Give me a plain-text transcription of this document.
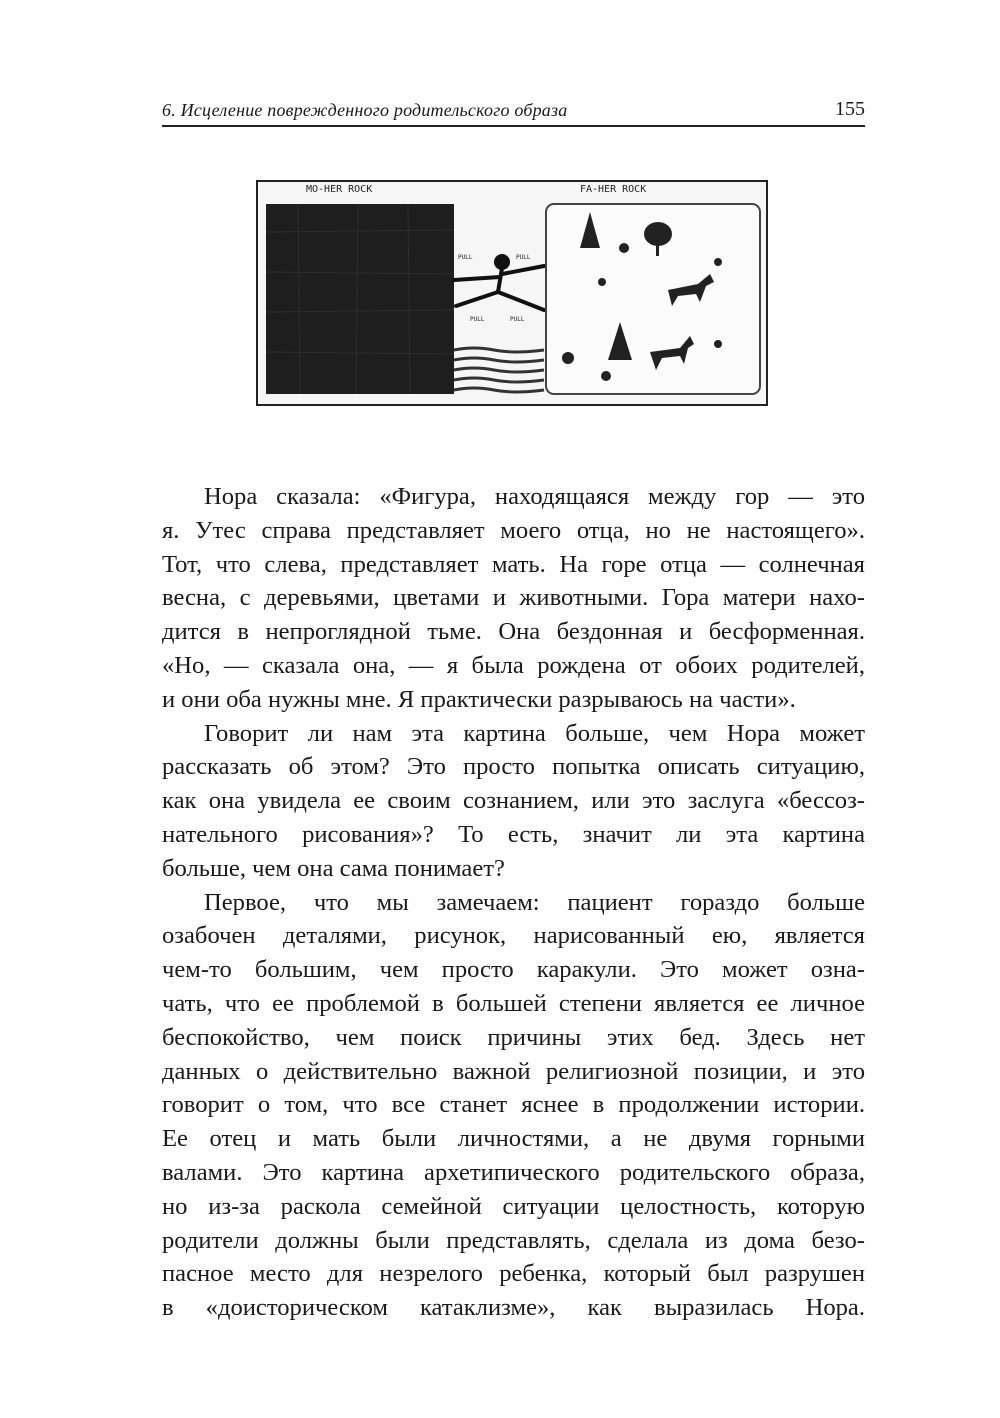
6. Исцеление поврежденного родительского образа	155
MO-HER ROCK	FA-HER ROCK
PULL	PULL
PULL	PULL
Нора сказала: «Фигура, находящаяся между гор — это
я. Утес справа представляет моего отца, но не настоящего».
Тот, что слева, представляет мать. На горе отца — солнечная
весна, с деревьями, цветами и животными. Гора матери нахо-
дится в непроглядной тьме. Она бездонная и бесформенная.
«Но, — сказала она, — я была рождена от обоих родителей,
и они оба нужны мне. Я практически разрываюсь на части».
Говорит ли нам эта картина больше, чем Нора может
рассказать об этом? Это просто попытка описать ситуацию,
как она увидела ее своим сознанием, или это заслуга «бессоз-
нательного рисования»? То есть, значит ли эта картина
больше, чем она сама понимает?
Первое, что мы замечаем: пациент гораздо больше
озабочен деталями, рисунок, нарисованный ею, является
чем-то большим, чем просто каракули. Это может озна-
чать, что ее проблемой в большей степени является ее личное
беспокойство, чем поиск причины этих бед. Здесь нет
данных о действительно важной религиозной позиции, и это
говорит о том, что все станет яснее в продолжении истории.
Ее отец и мать были личностями, а не двумя горными
валами. Это картина архетипического родительского образа,
но из-за раскола семейной ситуации целостность, которую
родители должны были представлять, сделала из дома безо-
пасное место для незрелого ребенка, который был разрушен
в «доисторическом катаклизме», как выразилась Нора.
